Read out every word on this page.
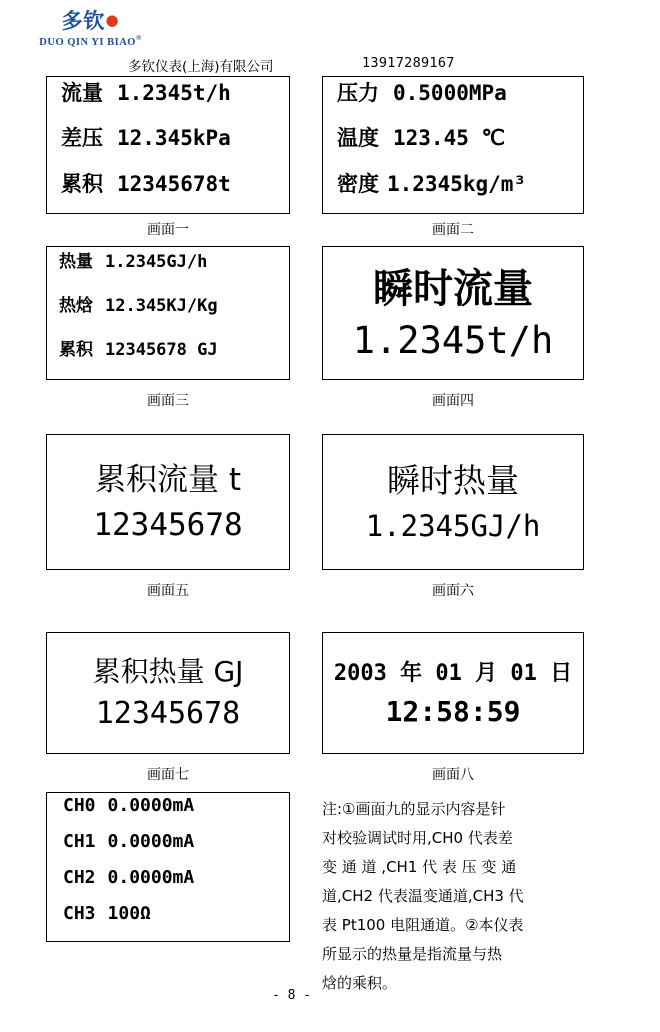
多钦●
DUO QIN YI BIAO®
多钦仪表(上海)有限公司	13917289167
流量 1.2345t/h
差压 12.345kPa
累积 12345678t
画面一
压力 0.5000MPa
温度 123.45 ℃
密度 1.2345kg/m³
画面二
热量 1.2345GJ/h
热焓 12.345KJ/Kg
累积 12345678 GJ
画面三
瞬时流量
1.2345t/h
画面四
累积流量 t
12345678
画面五
瞬时热量
1.2345GJ/h
画面六
累积热量 GJ
12345678
画面七
2003 年 01 月 01 日
12:58:59
画面八
CH0 0.0000mA
CH1 0.0000mA
CH2 0.0000mA
CH3 100Ω

注:①画面九的显示内容是针

对校验调试时用,CH0 代表差

变 通 道 ,CH1 代 表 压 变 通

道,CH2 代表温变通道,CH3 代

表 Pt100 电阻通道。②本仪表

所显示的热量是指流量与热

焓的乘积。

- 8 -
